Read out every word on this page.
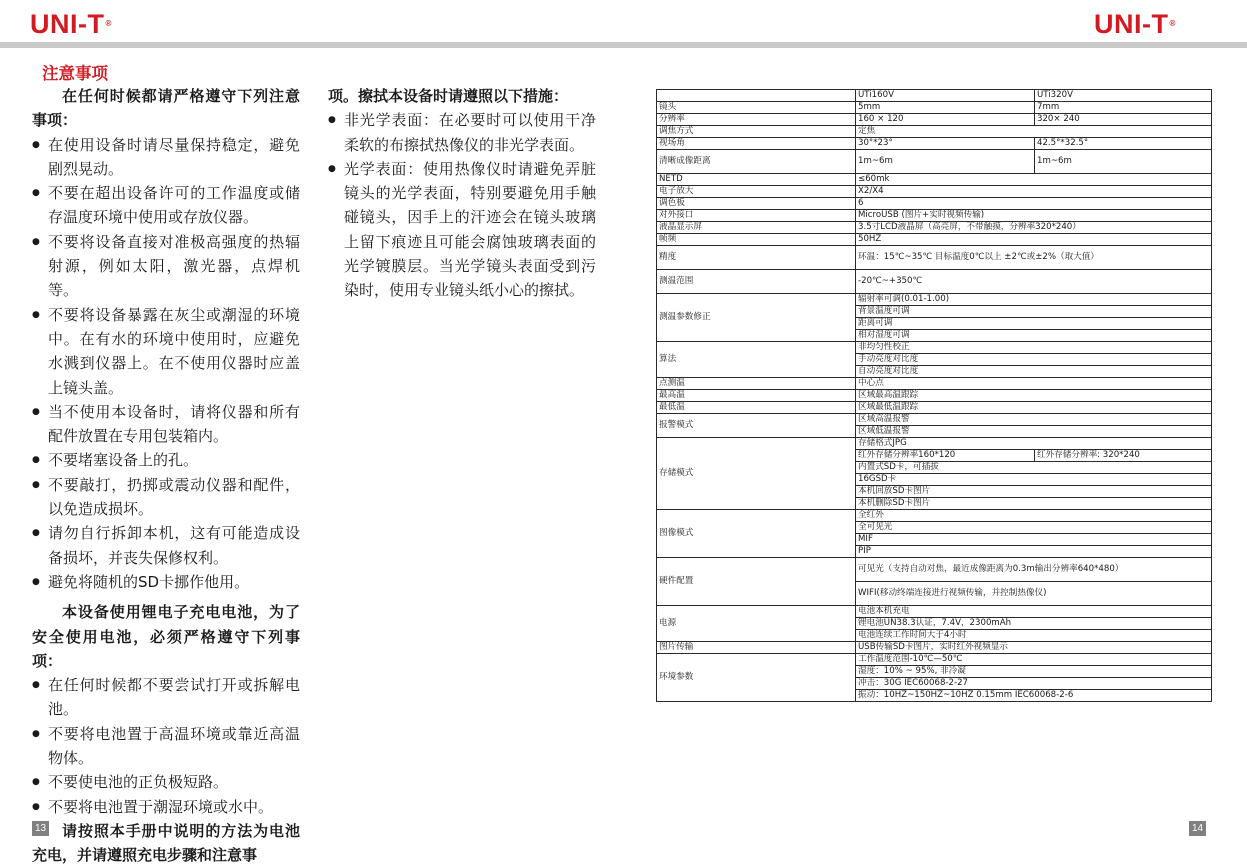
UNI-T®	UNI-T®
注意事项

在任何时候都请严格遵守下列注意事项：

● 在使用设备时请尽量保持稳定，避免剧烈晃动。

● 不要在超出设备许可的工作温度或储存温度环境中使用或存放仪器。

● 不要将设备直接对准极高强度的热辐射源，例如太阳，激光器，点焊机等。

● 不要将设备暴露在灰尘或潮湿的环境中。在有水的环境中使用时，应避免水溅到仪器上。在不使用仪器时应盖上镜头盖。

● 当不使用本设备时，请将仪器和所有配件放置在专用包装箱内。

● 不要堵塞设备上的孔。

● 不要敲打，扔掷或震动仪器和配件，以免造成损坏。

● 请勿自行拆卸本机，这有可能造成设备损坏，并丧失保修权利。

● 避免将随机的SD卡挪作他用。

本设备使用锂电子充电电池，为了安全使用电池，必须严格遵守下列事项：

● 在任何时候都不要尝试打开或拆解电池。

● 不要将电池置于高温环境或靠近高温物体。

● 不要使电池的正负极短路。

● 不要将电池置于潮湿环境或水中。

请按照本手册中说明的方法为电池充电，并请遵照充电步骤和注意事

项。擦拭本设备时请遵照以下措施：

● 非光学表面：在必要时可以使用干净柔软的布擦拭热像仪的非光学表面。

● 光学表面：使用热像仪时请避免弄脏镜头的光学表面，特别要避免用手触碰镜头，因手上的汗迹会在镜头玻璃上留下痕迹且可能会腐蚀玻璃表面的光学镀膜层。当光学镜头表面受到污染时，使用专业镜头纸小心的擦拭。

13
	UTi160V	UTi320V
镜头	5mm	7mm
分辨率	160 × 120	320× 240
调焦方式	定焦	
视场角	30°*23°	42.5°*32.5°
清晰成像距离	1m~6m	1m~6m
NETD	≤60mk	
电子放大	X2/X4	
调色板	6	
对外接口	MicroUSB (图片+实时视频传输)	
液晶显示屏	3.5寸LCD液晶屏（高亮屏，不带触摸，分辨率320*240）	
帧频	50HZ	
精度	环温：15℃~35℃ 目标温度0℃以上 ±2℃或±2%（取大值）	
测温范围	-20℃~+350℃	
测温参数修正	辐射率可调(0.01-1.00)	
	背景温度可调	
	距离可调	
	相对湿度可调	
算法	非均匀性校正	
	手动亮度对比度	
	自动亮度对比度	
点测温	中心点	
最高温	区域最高温跟踪	
最低温	区域最低温跟踪	
报警模式	区域高温报警	
	区域低温报警	
存储模式	存储格式JPG	
	红外存储分辨率160*120	红外存储分辨率: 320*240
	内置式SD卡，可插拔	
	16GSD卡	
	本机回放SD卡图片	
	本机删除SD卡图片	
图像模式	全红外	
	全可见光	
	MIF	
	PIP	
硬件配置	可见光（支持自动对焦，最近成像距离为0.3m输出分辨率640*480）	
	WIFI(移动终端连接进行视频传输，并控制热像仪)	
电源	电池本机充电	
	锂电池UN38.3认证，7.4V，2300mAh	
	电池连续工作时间大于4小时	
图片传输	USB传输SD卡图片，实时红外视频显示	
环境参数	工作温度范围-10℃—50℃	
	湿度：10% ~ 95%, 非冷凝	
	冲击：30G IEC60068-2-27	
	振动：10HZ~150HZ~10HZ 0.15mm IEC60068-2-6	
14
